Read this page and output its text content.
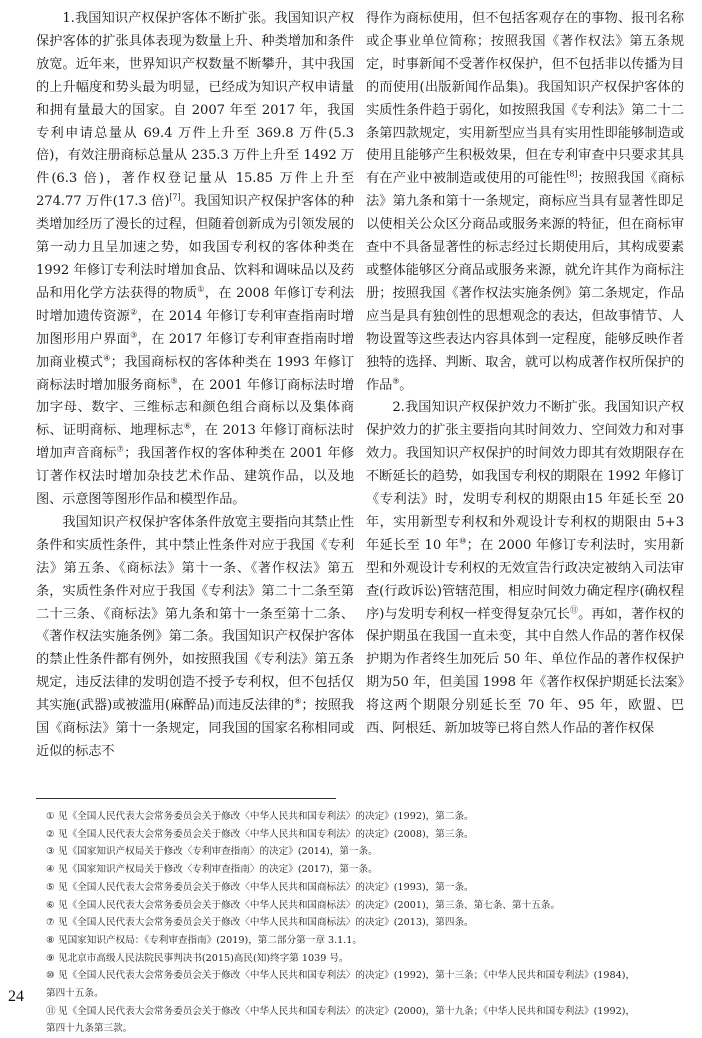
1.我国知识产权保护客体不断扩张。我国知识产权保护客体的扩张具体表现为数量上升、种类增加和条件放宽。近年来，世界知识产权数量不断攀升，其中我国的上升幅度和势头最为明显，已经成为知识产权申请量和拥有量最大的国家。自 2007 年至 2017 年，我国专利申请总量从 69.4 万件上升至 369.8 万件(5.3 倍)，有效注册商标总量从 235.3 万件上升至 1492 万件(6.3 倍)，著作权登记量从 15.85 万件上升至 274.77 万件(17.3 倍)[7]。我国知识产权保护客体的种类增加经历了漫长的过程，但随着创新成为引领发展的第一动力且呈加速之势，如我国专利权的客体种类在 1992 年修订专利法时增加食品、饮料和调味品以及药品和用化学方法获得的物质①，在 2008 年修订专利法时增加遗传资源②，在 2014 年修订专利审查指南时增加图形用户界面③，在 2017 年修订专利审查指南时增加商业模式④；我国商标权的客体种类在 1993 年修订商标法时增加服务商标⑤，在 2001 年修订商标法时增加字母、数字、三维标志和颜色组合商标以及集体商标、证明商标、地理标志⑥，在 2013 年修订商标法时增加声音商标⑦；我国著作权的客体种类在 2001 年修订著作权法时增加杂技艺术作品、建筑作品，以及地图、示意图等图形作品和模型作品。

我国知识产权保护客体条件放宽主要指向其禁止性条件和实质性条件，其中禁止性条件对应于我国《专利法》第五条、《商标法》第十一条、《著作权法》第五条，实质性条件对应于我国《专利法》第二十二条至第二十三条、《商标法》第九条和第十一条至第十二条、《著作权法实施条例》第二条。我国知识产权保护客体的禁止性条件都有例外，如按照我国《专利法》第五条规定，违反法律的发明创造不授予专利权，但不包括仅其实施(武器)或被滥用(麻醉品)而违反法律的⑧；按照我国《商标法》第十一条规定，同我国的国家名称相同或近似的标志不

得作为商标使用，但不包括客观存在的事物、报刊名称或企事业单位简称；按照我国《著作权法》第五条规定，时事新闻不受著作权保护，但不包括非以传播为目的而使用(出版新闻作品集)。我国知识产权保护客体的实质性条件趋于弱化，如按照我国《专利法》第二十二条第四款规定，实用新型应当具有实用性即能够制造或使用且能够产生积极效果，但在专利审查中只要求其具有在产业中被制造或使用的可能性[8]；按照我国《商标法》第九条和第十一条规定，商标应当具有显著性即足以使相关公众区分商品或服务来源的特征，但在商标审查中不具备显著性的标志经过长期使用后，其构成要素或整体能够区分商品或服务来源，就允许其作为商标注册；按照我国《著作权法实施条例》第二条规定，作品应当是具有独创性的思想观念的表达，但故事情节、人物设置等这些表达内容具体到一定程度，能够反映作者独特的选择、判断、取舍，就可以构成著作权所保护的作品⑨。

2.我国知识产权保护效力不断扩张。我国知识产权保护效力的扩张主要指向其时间效力、空间效力和对事效力。我国知识产权保护的时间效力即其有效期限存在不断延长的趋势，如我国专利权的期限在 1992 年修订《专利法》时，发明专利权的期限由15 年延长至 20 年，实用新型专利权和外观设计专利权的期限由 5+3 年延长至 10 年⑩；在 2000 年修订专利法时，实用新型和外观设计专利权的无效宣告行政决定被纳入司法审查(行政诉讼)管辖范围，相应时间效力确定程序(确权程序)与发明专利权一样变得复杂冗长⑪。再如，著作权的保护期虽在我国一直未变，其中自然人作品的著作权保护期为作者终生加死后 50 年、单位作品的著作权保护期为50 年，但美国 1998 年《著作权保护期延长法案》将这两个期限分别延长至 70 年、95 年，欧盟、巴西、阿根廷、新加坡等已将自然人作品的著作权保

① 见《全国人民代表大会常务委员会关于修改〈中华人民共和国专利法〉的决定》(1992)，第二条。

② 见《全国人民代表大会常务委员会关于修改〈中华人民共和国专利法〉的决定》(2008)，第三条。

③ 见《国家知识产权局关于修改〈专利审查指南〉的决定》(2014)，第一条。

④ 见《国家知识产权局关于修改〈专利审查指南〉的决定》(2017)，第一条。

⑤ 见《全国人民代表大会常务委员会关于修改〈中华人民共和国商标法〉的决定》(1993)，第一条。

⑥ 见《全国人民代表大会常务委员会关于修改〈中华人民共和国商标法〉的决定》(2001)，第三条、第七条、第十五条。

⑦ 见《全国人民代表大会常务委员会关于修改〈中华人民共和国商标法〉的决定》(2013)，第四条。

⑧ 见国家知识产权局：《专利审查指南》(2019)，第二部分第一章 3.1.1。

⑨ 见北京市高级人民法院民事判决书(2015)高民(知)终字第 1039 号。

⑩ 见《全国人民代表大会常务委员会关于修改〈中华人民共和国专利法〉的决定》(1992)，第十三条；《中华人民共和国专利法》(1984)，

第四十五条。

⑪ 见《全国人民代表大会常务委员会关于修改〈中华人民共和国专利法〉的决定》(2000)，第十九条；《中华人民共和国专利法》(1992)，

第四十九条第三款。

24
